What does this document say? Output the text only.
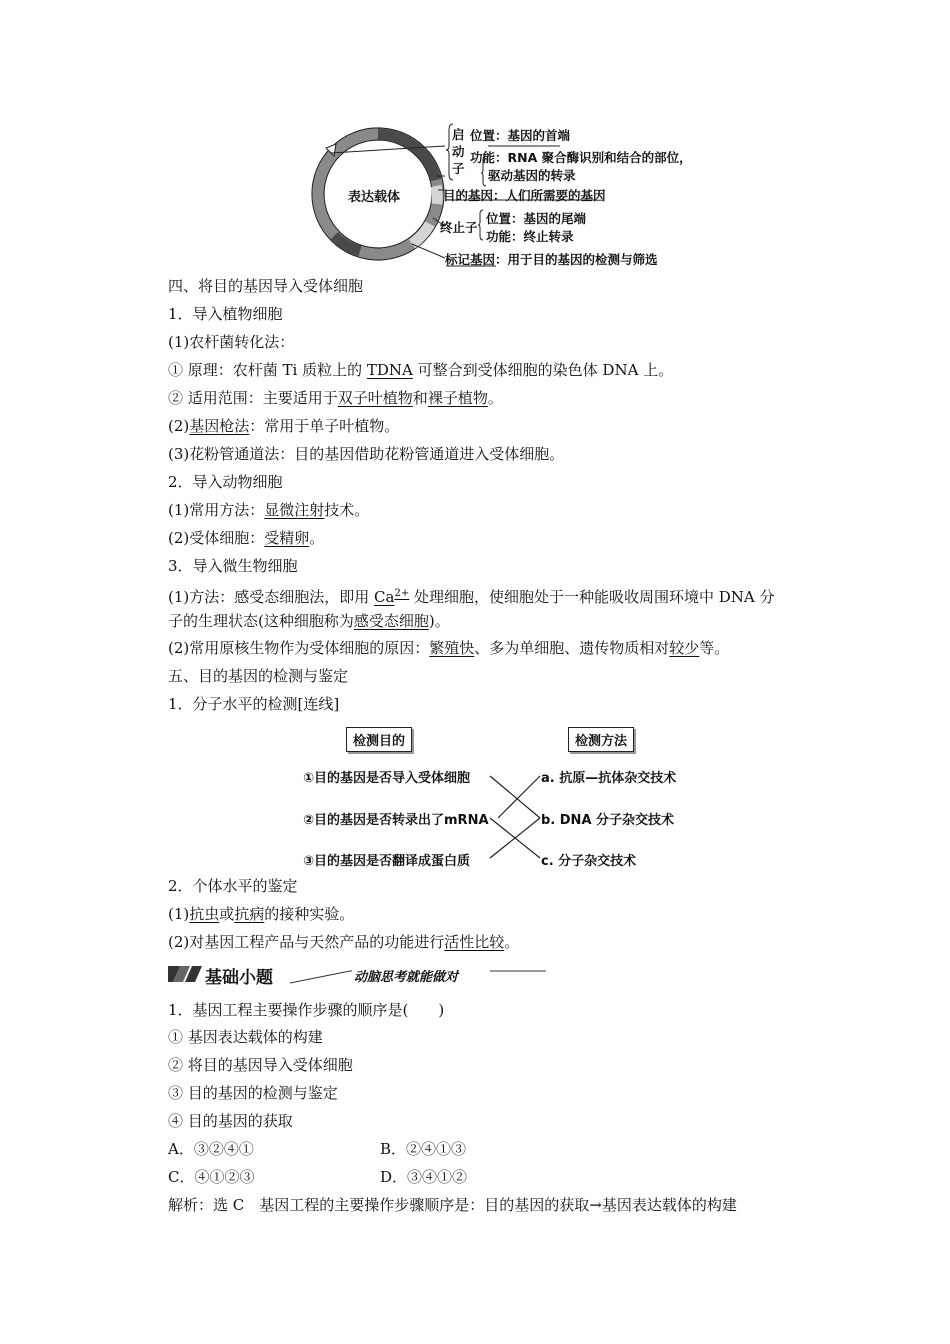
表达载体
启
动
子
位置：基因的首端
功能：RNA 聚合酶识别和结合的部位，
驱动基因的转录
目的基因：人们所需要的基因
终止子
位置：基因的尾端
功能：终止转录
标记基因：用于目的基因的检测与筛选
四、将目的基因导入受体细胞
1．导入植物细胞
(1)农杆菌转化法：
① 原理：农杆菌 Ti 质粒上的 TDNA 可整合到受体细胞的染色体 DNA 上。
② 适用范围：主要适用于双子叶植物和裸子植物。
(2)基因枪法：常用于单子叶植物。
(3)花粉管通道法：目的基因借助花粉管通道进入受体细胞。
2．导入动物细胞
(1)常用方法：显微注射技术。
(2)受体细胞：受精卵。
3．导入微生物细胞
(1)方法：感受态细胞法，即用 $Ca^{2+}$ 处理细胞，使细胞处于一种能吸收周围环境中 DNA 分
子的生理状态(这种细胞称为感受态细胞)。
(2)常用原核生物作为受体细胞的原因：繁殖快、多为单细胞、遗传物质相对较少等。
五、目的基因的检测与鉴定
1．分子水平的检测[连线]
检测目的	检测方法
①目的基因是否导入受体细胞
②目的基因是否转录出了mRNA
③目的基因是否翻译成蛋白质
a. 抗原—抗体杂交技术
b. DNA 分子杂交技术
c. 分子杂交技术
2．个体水平的鉴定
(1)抗虫或抗病的接种实验。
(2)对基因工程产品与天然产品的功能进行活性比较。
基础小题	动脑思考就能做对
1．基因工程主要操作步骤的顺序是(　　)
① 基因表达载体的构建
② 将目的基因导入受体细胞
③ 目的基因的检测与鉴定
④ 目的基因的获取
A．③②④①	B．②④①③
C．④①②③	D．③④①②
解析：选 C　基因工程的主要操作步骤顺序是：目的基因的获取→基因表达载体的构建
